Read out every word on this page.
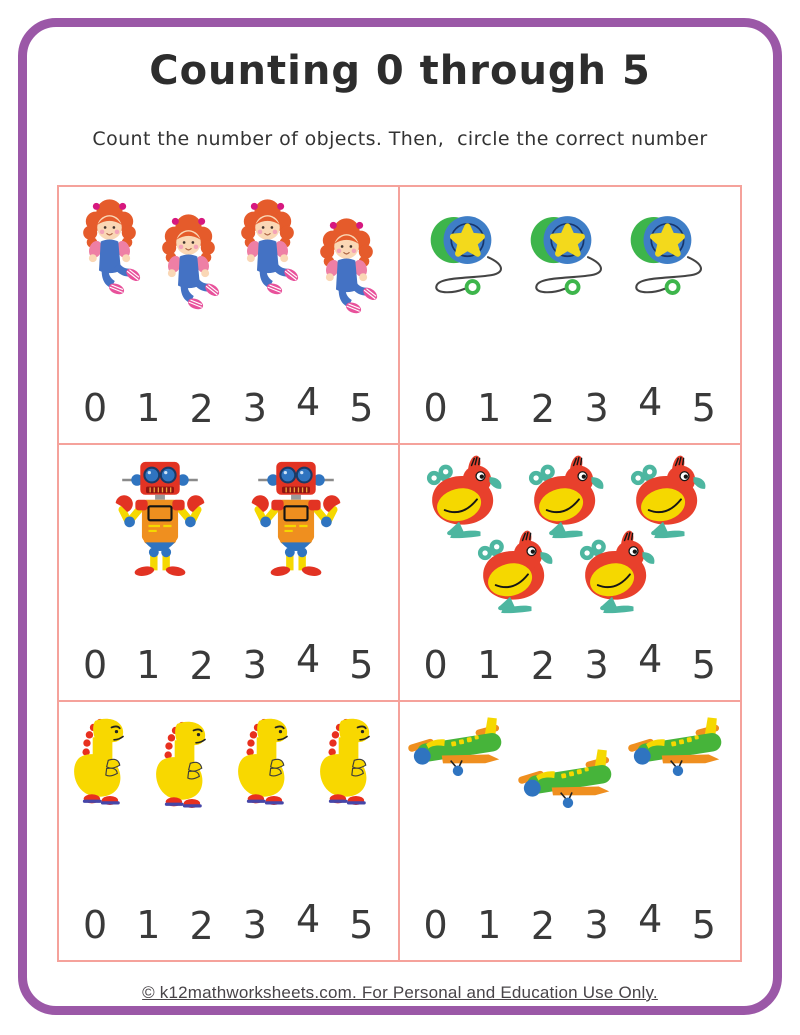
Counting 0 through 5

Count the number of objects. Then,  circle the correct number

0 1 2 3 4 5 0 1 2 3 4 5
0 1 2 3 4 5 0 1 2 3 4 5
0 1 2 3 4 5 0 1 2 3 4 5
© k12mathworksheets.com. For Personal and Education Use Only.
